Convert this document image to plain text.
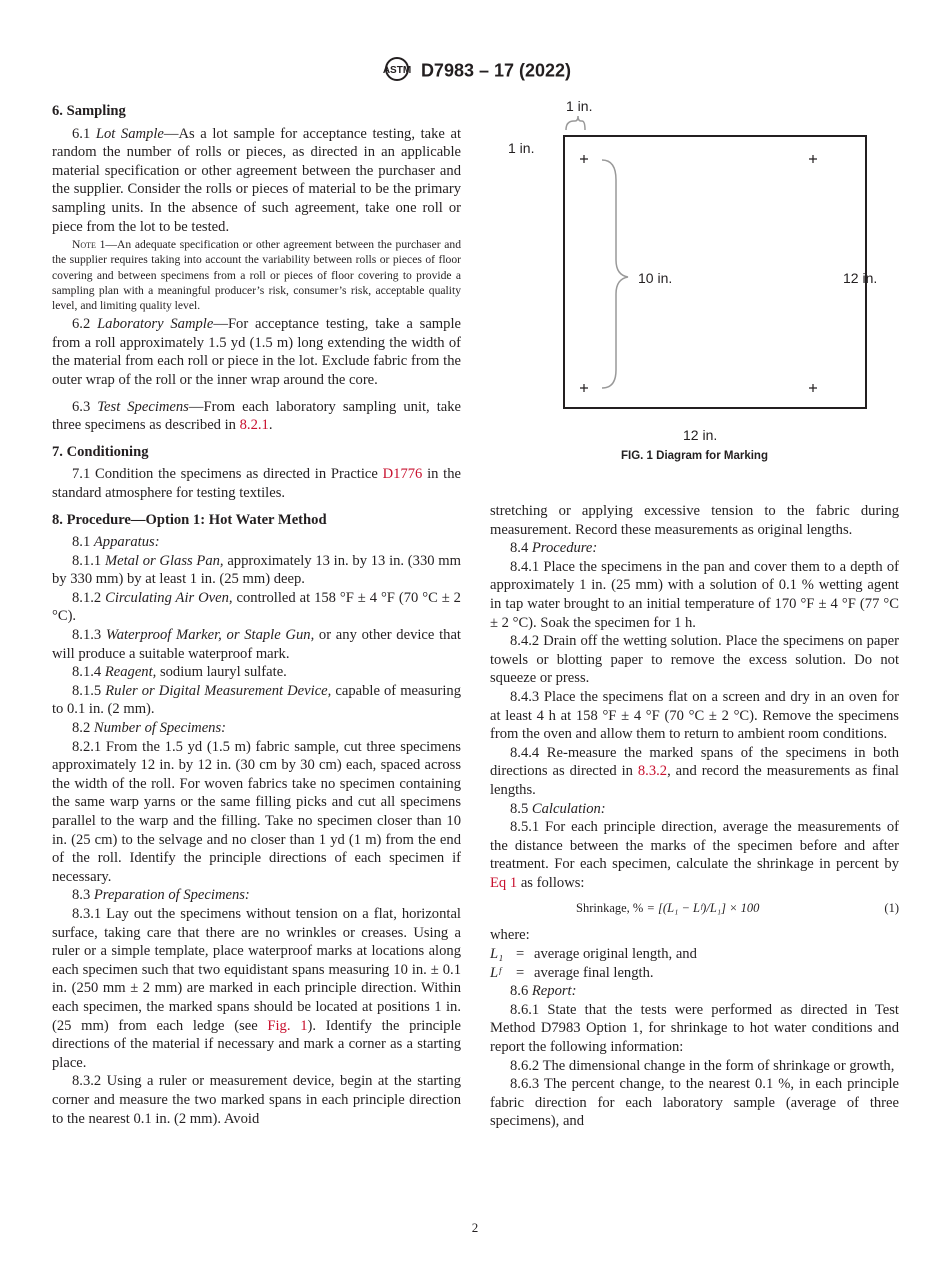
ASTM D7983 – 17 (2022)
6. Sampling

6.1 Lot Sample—As a lot sample for acceptance testing, take at random the number of rolls or pieces, as directed in an applicable material specification or other agreement between the purchaser and the supplier. Consider the rolls or pieces of material to be the primary sampling units. In the absence of such agreement, take one roll or piece from the lot to be tested.

Note 1—An adequate specification or other agreement between the purchaser and the supplier requires taking into account the variability between rolls or pieces of floor covering and between specimens from a roll or pieces of floor covering to provide a sampling plan with a meaningful producer’s risk, consumer’s risk, acceptable quality level, and limiting quality level.

6.2 Laboratory Sample—For acceptance testing, take a sample from a roll approximately 1.5 yd (1.5 m) long extending the width of the material from each roll or piece in the lot. Exclude fabric from the outer wrap of the roll or the inner wrap around the core.

6.3 Test Specimens—From each laboratory sampling unit, take three specimens as described in 8.2.1.

7. Conditioning

7.1 Condition the specimens as directed in Practice D1776 in the standard atmosphere for testing textiles.

8. Procedure—Option 1: Hot Water Method

8.1 Apparatus:

8.1.1 Metal or Glass Pan, approximately 13 in. by 13 in. (330 mm by 330 mm) by at least 1 in. (25 mm) deep.

8.1.2 Circulating Air Oven, controlled at 158 °F ± 4 °F (70 °C ± 2 °C).

8.1.3 Waterproof Marker, or Staple Gun, or any other device that will produce a suitable waterproof mark.

8.1.4 Reagent, sodium lauryl sulfate.

8.1.5 Ruler or Digital Measurement Device, capable of measuring to 0.1 in. (2 mm).

8.2 Number of Specimens:

8.2.1 From the 1.5 yd (1.5 m) fabric sample, cut three specimens approximately 12 in. by 12 in. (30 cm by 30 cm) each, spaced across the width of the roll. For woven fabrics take no specimen containing the same warp yarns or the same filling picks and cut all specimens parallel to the warp and the filling. Take no specimen closer than 10 in. (25 cm) to the selvage and no closer than 1 yd (1 m) from the end of the roll. Identify the principle directions of each specimen if necessary.

8.3 Preparation of Specimens:

8.3.1 Lay out the specimens without tension on a flat, horizontal surface, taking care that there are no wrinkles or creases. Using a ruler or a simple template, place waterproof marks at locations along each specimen such that two equidistant spans measuring 10 in. ± 0.1 in. (250 mm ± 2 mm) are marked in each principle direction. Within each specimen, the marked spans should be located at positions 1 in. (25 mm) from each ledge (see Fig. 1). Identify the principle directions of the material if necessary and mark a corner as a starting place.

8.3.2 Using a ruler or measurement device, begin at the starting corner and measure the two marked spans in each principle direction to the nearest 0.1 in. (2 mm). Avoid

1 in.
1 in.
10 in.	12 in.
12 in.
FIG. 1 Diagram for Marking

stretching or applying excessive tension to the fabric during measurement. Record these measurements as original lengths.

8.4 Procedure:

8.4.1 Place the specimens in the pan and cover them to a depth of approximately 1 in. (25 mm) with a solution of 0.1 % wetting agent in tap water brought to an initial temperature of 170 °F ± 4 °F (77 °C ± 2 °C). Soak the specimen for 1 h.

8.4.2 Drain off the wetting solution. Place the specimens on paper towels or blotting paper to remove the excess solution. Do not squeeze or press.

8.4.3 Place the specimens flat on a screen and dry in an oven for at least 4 h at 158 °F ± 4 °F (70 °C ± 2 °C). Remove the specimens from the oven and allow them to return to ambient room conditions.

8.4.4 Re-measure the marked spans of the specimens in both directions as directed in 8.3.2, and record the measurements as final lengths.

8.5 Calculation:

8.5.1 For each principle direction, average the measurements of the distance between the marks of the specimen before and after treatment. For each specimen, calculate the shrinkage in percent by Eq 1 as follows:

Shrinkage, % = [(L₁ − Lᶠ)/L₁] × 100	(1)
where:
L₁ = average original length, and
Lᶠ	= average final length.

8.6 Report:

8.6.1 State that the tests were performed as directed in Test Method D7983 Option 1, for shrinkage to hot water conditions and report the following information:

8.6.2 The dimensional change in the form of shrinkage or growth,

8.6.3 The percent change, to the nearest 0.1 %, in each principle fabric direction for each laboratory sample (average of three specimens), and

2
